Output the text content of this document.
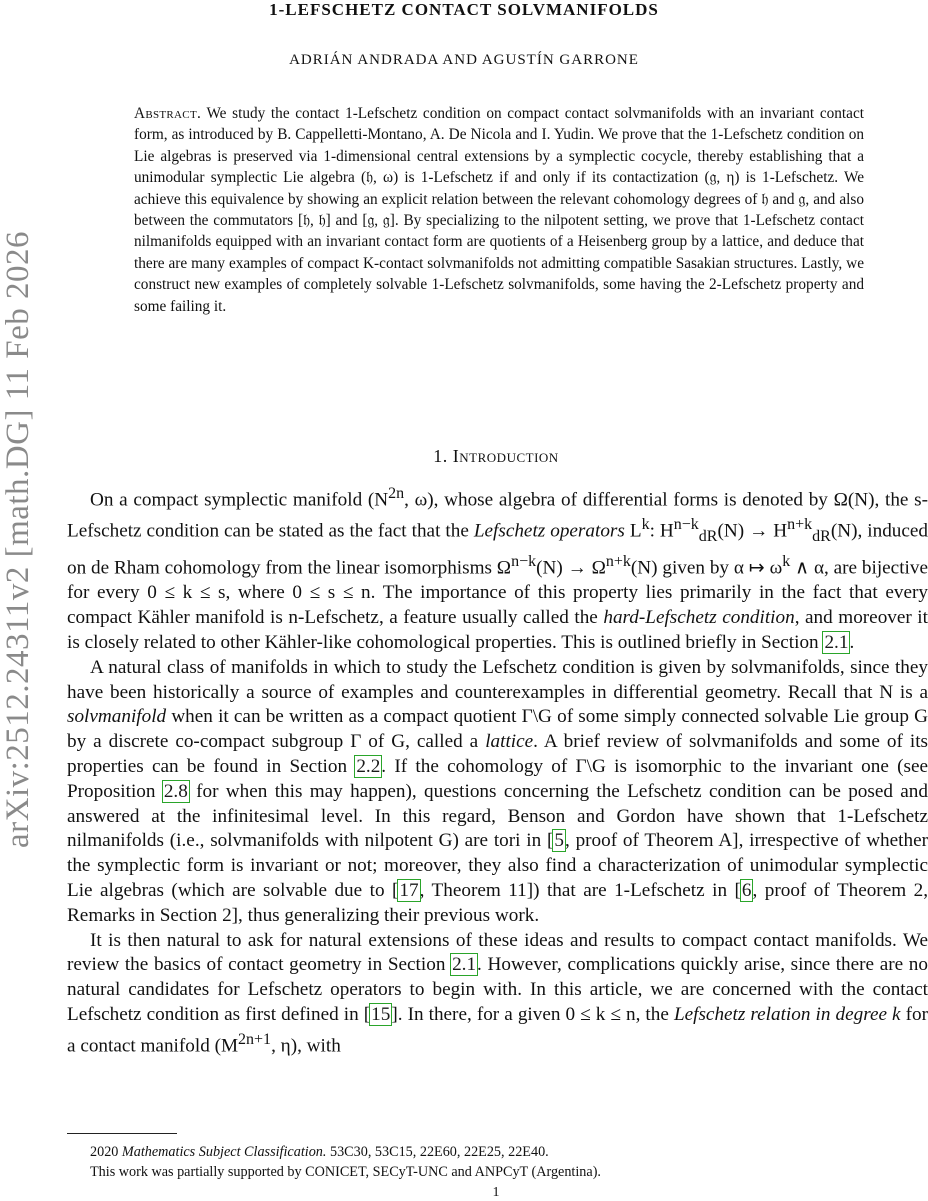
arXiv:2512.24311v2 [math.DG] 11 Feb 2026
1-LEFSCHETZ CONTACT SOLVMANIFOLDS
ADRIÁN ANDRADA AND AGUSTÍN GARRONE

Abstract. We study the contact 1-Lefschetz condition on compact contact solvmanifolds with an invariant contact form, as introduced by B. Cappelletti-Montano, A. De Nicola and I. Yudin. We prove that the 1-Lefschetz condition on Lie algebras is preserved via 1-dimensional central extensions by a symplectic cocycle, thereby establishing that a unimodular symplectic Lie algebra (𝔥, ω) is 1-Lefschetz if and only if its contactization (𝔤, η) is 1-Lefschetz. We achieve this equivalence by showing an explicit relation between the relevant cohomology degrees of 𝔥 and 𝔤, and also between the commutators [𝔥, 𝔥] and [𝔤, 𝔤]. By specializing to the nilpotent setting, we prove that 1-Lefschetz contact nilmanifolds equipped with an invariant contact form are quotients of a Heisenberg group by a lattice, and deduce that there are many examples of compact K-contact solvmanifolds not admitting compatible Sasakian structures. Lastly, we construct new examples of completely solvable 1-Lefschetz solvmanifolds, some having the 2-Lefschetz property and some failing it.

1. Introduction

On a compact symplectic manifold ($N^{2n}$, ω), whose algebra of differential forms is denoted by Ω(N), the s-Lefschetz condition can be stated as the fact that the Lefschetz operators $L^k$: $H^{n-k}_{dR}(N) \to H^{n+k}_{dR}(N)$, induced on de Rham cohomology from the linear isomorphisms $\Omega^{n-k}(N) \to \Omega^{n+k}(N)$ given by α ↦ $\omega^k$ ∧ α, are bijective for every 0 ≤ k ≤ s, where 0 ≤ s ≤ n. The importance of this property lies primarily in the fact that every compact Kähler manifold is n-Lefschetz, a feature usually called the hard-Lefschetz condition, and moreover it is closely related to other Kähler-like cohomological properties. This is outlined briefly in Section 2.1.

A natural class of manifolds in which to study the Lefschetz condition is given by solvmanifolds, since they have been historically a source of examples and counterexamples in differential geometry. Recall that N is a solvmanifold when it can be written as a compact quotient Γ\G of some simply connected solvable Lie group G by a discrete co-compact subgroup Γ of G, called a lattice. A brief review of solvmanifolds and some of its properties can be found in Section 2.2. If the cohomology of Γ\G is isomorphic to the invariant one (see Proposition 2.8 for when this may happen), questions concerning the Lefschetz condition can be posed and answered at the infinitesimal level. In this regard, Benson and Gordon have shown that 1-Lefschetz nilmanifolds (i.e., solvmanifolds with nilpotent G) are tori in [5, proof of Theorem A], irrespective of whether the symplectic form is invariant or not; moreover, they also find a characterization of unimodular symplectic Lie algebras (which are solvable due to [17, Theorem 11]) that are 1-Lefschetz in [6, proof of Theorem 2, Remarks in Section 2], thus generalizing their previous work.

It is then natural to ask for natural extensions of these ideas and results to compact contact manifolds. We review the basics of contact geometry in Section 2.1. However, complications quickly arise, since there are no natural candidates for Lefschetz operators to begin with. In this article, we are concerned with the contact Lefschetz condition as first defined in [15]. In there, for a given 0 ≤ k ≤ n, the Lefschetz relation in degree k for a contact manifold ($M^{2n+1}$, η), with

2020 Mathematics Subject Classification. 53C30, 53C15, 22E60, 22E25, 22E40.
This work was partially supported by CONICET, SECyT-UNC and ANPCyT (Argentina).
1
